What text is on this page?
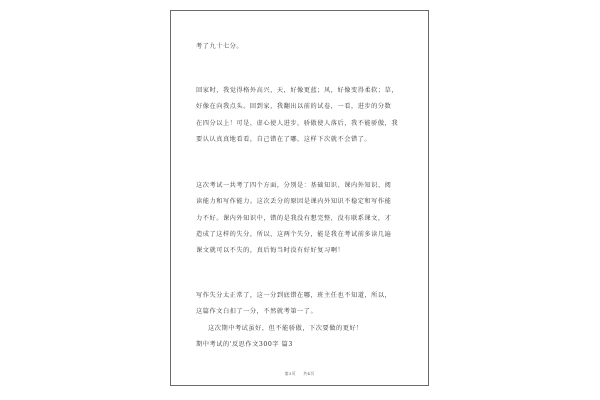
考了九十七分。
回家时，我觉得格外高兴，天，好像更蓝；风，好像变得柔软；草，
好像在向我点头。回到家，我翻出以前的试卷，一看，进步的分数
在四分以上！可是，虚心使人进步，骄傲使人落后，我不能骄傲，我
要认认真真地看看，自己错在了哪，这样下次就不会错了。
这次考试一共考了四个方面，分别是：基础知识、课内外知识、阅
读能力和写作能力。这次丢分的原因是课内外知识不稳定和写作能
力不好。课内外知识中，错的是我没有想完整，没有联系课文，才
造成了这样的失分，所以，这两个失分，能是我在考试前多读几遍
课文就可以不失的，真后悔当时没有好好复习啊！
写作失分太正常了，这一分到底错在哪，班主任也不知道，所以，
这篇作文白扣了一分，不然就考第一了。
这次期中考试虽好，但不能骄傲，下次要做的更好！
期中考试的'反思作文300字 篇3
第3页 共4页
